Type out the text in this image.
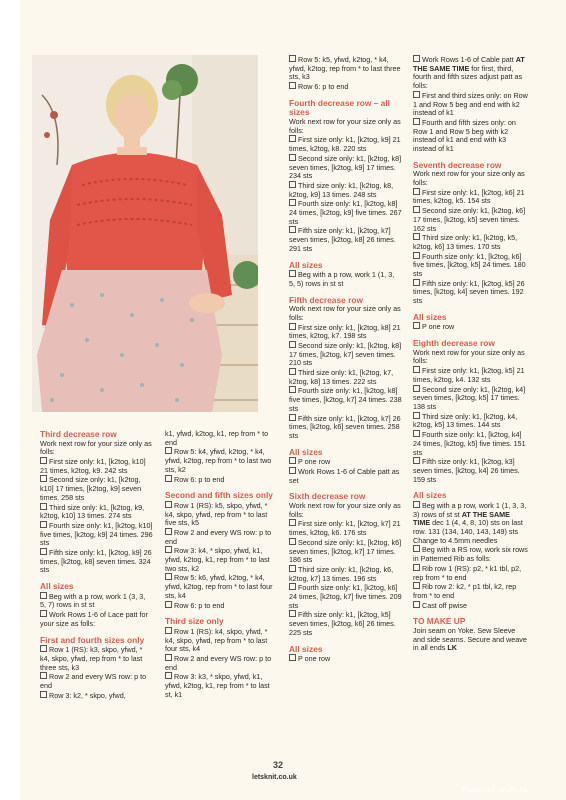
Third decrease row

Work next row for your size only as folls:

First size only: k1, [k2tog, k10] 21 times, k2tog, k9. 242 sts

Second size only: k1, [k2tog, k10] 17 times, [k2tog, k9] seven times. 258 sts

Third size only: k1, [k2tog, k9, k2tog, k10] 13 times. 274 sts

Fourth size only: k1, [k2tog, k10] five times, [k2tog, k9] 24 times. 296 sts

Fifth size only: k1, [k2tog, k9] 26 times, [k2tog, k8] seven times. 324 sts

All sizes

Beg with a p row, work 1 (3, 3, 5, 7) rows in st st

Work Rows 1-6 of Lace patt for your size as folls:

First and fourth sizes only

Row 1 (RS): k3, skpo, yfwd, * k4, skpo, yfwd, rep from * to last three sts, k3

Row 2 and every WS row: p to end

Row 3: k2, * skpo, yfwd,

k1, yfwd, k2tog, k1, rep from * to end

Row 5: k4, yfwd, k2tog, * k4, yfwd, k2tog, rep from * to last two sts, k2

Row 6: p to end

Second and fifth sizes only

Row 1 (RS): k5, skpo, yfwd, * k4, skpo, yfwd, rep from * to last five sts, k5

Row 2 and every WS row: p to end

Row 3: k4, * skpo, yfwd, k1, yfwd, k2tog, k1, rep from * to last two sts, k2

Row 5: k6, yfwd, k2tog, * k4, yfwd, k2tog, rep from * to last four sts, k4

Row 6: p to end

Third size only

Row 1 (RS): k4, skpo, yfwd, * k4, skpo, yfwd, rep from * to last four sts, k4

Row 2 and every WS row: p to end

Row 3: k3, * skpo, yfwd, k1, yfwd, k2tog, k1, rep from * to last st, k1

Row 5: k5, yfwd, k2tog, * k4, yfwd, k2tog, rep from * to last three sts, k3

Row 6: p to end

Fourth decrease row – all sizes

Work next row for your size only as folls:

First size only: k1, [k2tog, k9] 21 times, k2tog, k8. 220 sts

Second size only: k1, [k2tog, k8] seven times, [k2tog, k9] 17 times. 234 sts

Third size only: k1, [k2tog, k8, k2tog, k9] 13 times. 248 sts

Fourth size only: k1, [k2tog, k8] 24 times, [k2tog, k9] five times. 267 sts

Fifth size only: k1, [k2tog, k7] seven times, [k2tog, k8] 26 times. 291 sts

All sizes

Beg with a p row, work 1 (1, 3, 5, 5) rows in st st

Fifth decrease row

Work next row for your size only as folls:

First size only: k1, [k2tog, k8] 21 times, k2tog, k7. 198 sts

Second size only: k1, [k2tog, k8] 17 times, [k2tog, k7] seven times. 210 sts

Third size only: k1, [k2tog, k7, k2tog, k8] 13 times. 222 sts

Fourth size only: k1, [k2tog, k8] five times, [k2tog, k7] 24 times. 238 sts

Fifth size only: k1, [k2tog, k7] 26 times, [k2tog, k6] seven times. 258 sts

All sizes

P one row

Work Rows 1-6 of Cable patt as set

Sixth decrease row

Work next row for your size only as folls:

First size only: k1, [k2tog, k7] 21 times, k2tog, k6. 176 sts

Second size only: k1, [k2tog, k6] seven times, [k2tog, k7] 17 times. 186 sts

Third size only: k1, [k2tog, k6, k2tog, k7] 13 times. 196 sts

Fourth size only: k1, [k2tog, k6] 24 times, [k2tog, k7] five times. 209 sts

Fifth size only: k1, [k2tog, k5] seven times, [k2tog, k6] 26 times. 225 sts

All sizes

P one row

Work Rows 1-6 of Cable patt AT THE SAME TIME for first, third, fourth and fifth sizes adjust patt as folls:

First and third sizes only: on Row 1 and Row 5 beg and end with k2 instead of k1

Fourth and fifth sizes only: on Row 1 and Row 5 beg with k2 instead of k1 and end with k3 instead of k1

Seventh decrease row

Work next row for your size only as folls:

First size only: k1, [k2tog, k6] 21 times, k2tog, k5. 154 sts

Second size only: k1, [k2tog, k6] 17 times, [k2tog, k5] seven times. 162 sts

Third size only: k1, [k2tog, k5, k2tog, k6] 13 times. 170 sts

Fourth size only: k1, [k2tog, k6] five times, [k2tog, k5] 24 times. 180 sts

Fifth size only: k1, [k2tog, k5] 26 times, [k2tog, k4] seven times. 192 sts

All sizes

P one row

Eighth decrease row

Work next row for your size only as folls:

First size only: k1, [k2tog, k5] 21 times, k2tog, k4. 132 sts

Second size only: k1, [k2tog, k4] seven times, [k2tog, k5] 17 times. 138 sts

Third size only: k1, [k2tog, k4, k2tog, k5] 13 times. 144 sts

Fourth size only: k1, [k2tog, k4] 24 times, [k2tog, k5] five times. 151 sts

Fifth size only: k1, [k2tog, k3] seven times, [k2tog, k4] 26 times. 159 sts

All sizes

Beg with a p row, work 1 (1, 3, 3, 3) rows of st st AT THE SAME TIME dec 1 (4, 4, 8, 10) sts on last row. 131 (134, 140, 143, 149) sts

Change to 4.5mm needles

Beg with a RS row, work six rows in Patterned Rib as folls:

Rib row 1 (RS): p2, * k1 tbl, p2, rep from * to end

Rib row 2: k2, * p1 tbl, k2, rep from * to end

Cast off pwise

TO MAKE UP

Join seam on Yoke. Sew Sleeve and side seams. Secure and weave in all ends LK

32
letsknit.co.uk
PassionForum.ru
